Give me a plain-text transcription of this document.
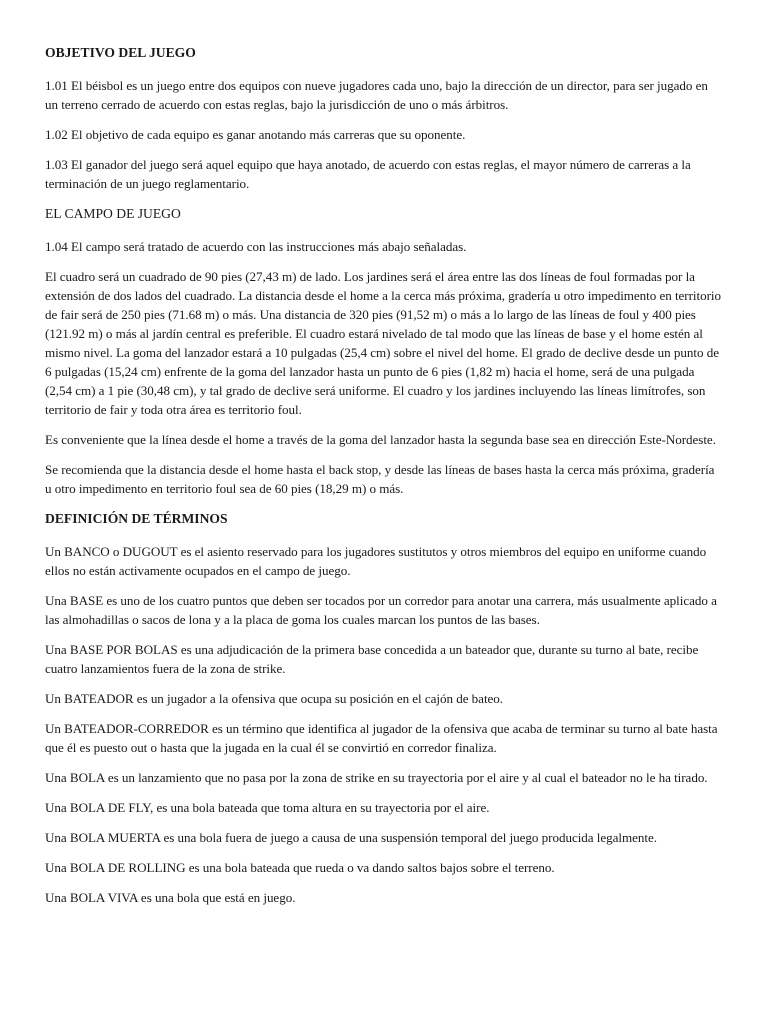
OBJETIVO DEL JUEGO

1.01 El béisbol es un juego entre dos equipos con nueve jugadores cada uno, bajo la dirección de un director, para ser jugado en un terreno cerrado de acuerdo con estas reglas, bajo la jurisdicción de uno o más árbitros.

1.02 El objetivo de cada equipo es ganar anotando más carreras que su oponente.

1.03 El ganador del juego será aquel equipo que haya anotado, de acuerdo con estas reglas, el mayor número de carreras a la terminación de un juego reglamentario.

EL CAMPO DE JUEGO

1.04 El campo será tratado de acuerdo con las instrucciones más abajo señaladas.

El cuadro será un cuadrado de 90 pies (27,43 m) de lado. Los jardines será el área entre las dos líneas de foul formadas por la extensión de dos lados del cuadrado. La distancia desde el home a la cerca más próxima, gradería u otro impedimento en territorio de fair será de 250 pies (71.68 m) o más. Una distancia de 320 pies (91,52 m) o más a lo largo de las líneas de foul y 400 pies (121.92 m) o más al jardín central es preferible. El cuadro estará nivelado de tal modo que las líneas de base y el home estén al mismo nivel. La goma del lanzador estará a 10 pulgadas (25,4 cm) sobre el nivel del home. El grado de declive desde un punto de 6 pulgadas (15,24 cm) enfrente de la goma del lanzador hasta un punto de 6 pies (1,82 m) hacia el home, será de una pulgada (2,54 cm) a 1 pie (30,48 cm), y tal grado de declive será uniforme. El cuadro y los jardines incluyendo las líneas limítrofes, son territorio de fair y toda otra área es territorio foul.

Es conveniente que la línea desde el home a través de la goma del lanzador hasta la segunda base sea en dirección Este-Nordeste.

Se recomienda que la distancia desde el home hasta el back stop, y desde las líneas de bases hasta la cerca más próxima, gradería u otro impedimento en territorio foul sea de 60 pies (18,29 m) o más.

DEFINICIÓN DE TÉRMINOS

Un BANCO o DUGOUT es el asiento reservado para los jugadores sustitutos y otros miembros del equipo en uniforme cuando ellos no están activamente ocupados en el campo de juego.

Una BASE es uno de los cuatro puntos que deben ser tocados por un corredor para anotar una carrera, más usualmente aplicado a las almohadillas o sacos de lona y a la placa de goma los cuales marcan los puntos de las bases.

Una BASE POR BOLAS es una adjudicación de la primera base concedida a un bateador que, durante su turno al bate, recibe cuatro lanzamientos fuera de la zona de strike.

Un BATEADOR es un jugador a la ofensiva que ocupa su posición en el cajón de bateo.

Un BATEADOR-CORREDOR es un término que identifica al jugador de la ofensiva que acaba de terminar su turno al bate hasta que él es puesto out o hasta que la jugada en la cual él se convirtió en corredor finaliza.

Una BOLA es un lanzamiento que no pasa por la zona de strike en su trayectoria por el aire y al cual el bateador no le ha tirado.

Una BOLA DE FLY, es una bola bateada que toma altura en su trayectoria por el aire.

Una BOLA MUERTA es una bola fuera de juego a causa de una suspensión temporal del juego producida legalmente.

Una BOLA DE ROLLING es una bola bateada que rueda o va dando saltos bajos sobre el terreno.

Una BOLA VIVA es una bola que está en juego.
